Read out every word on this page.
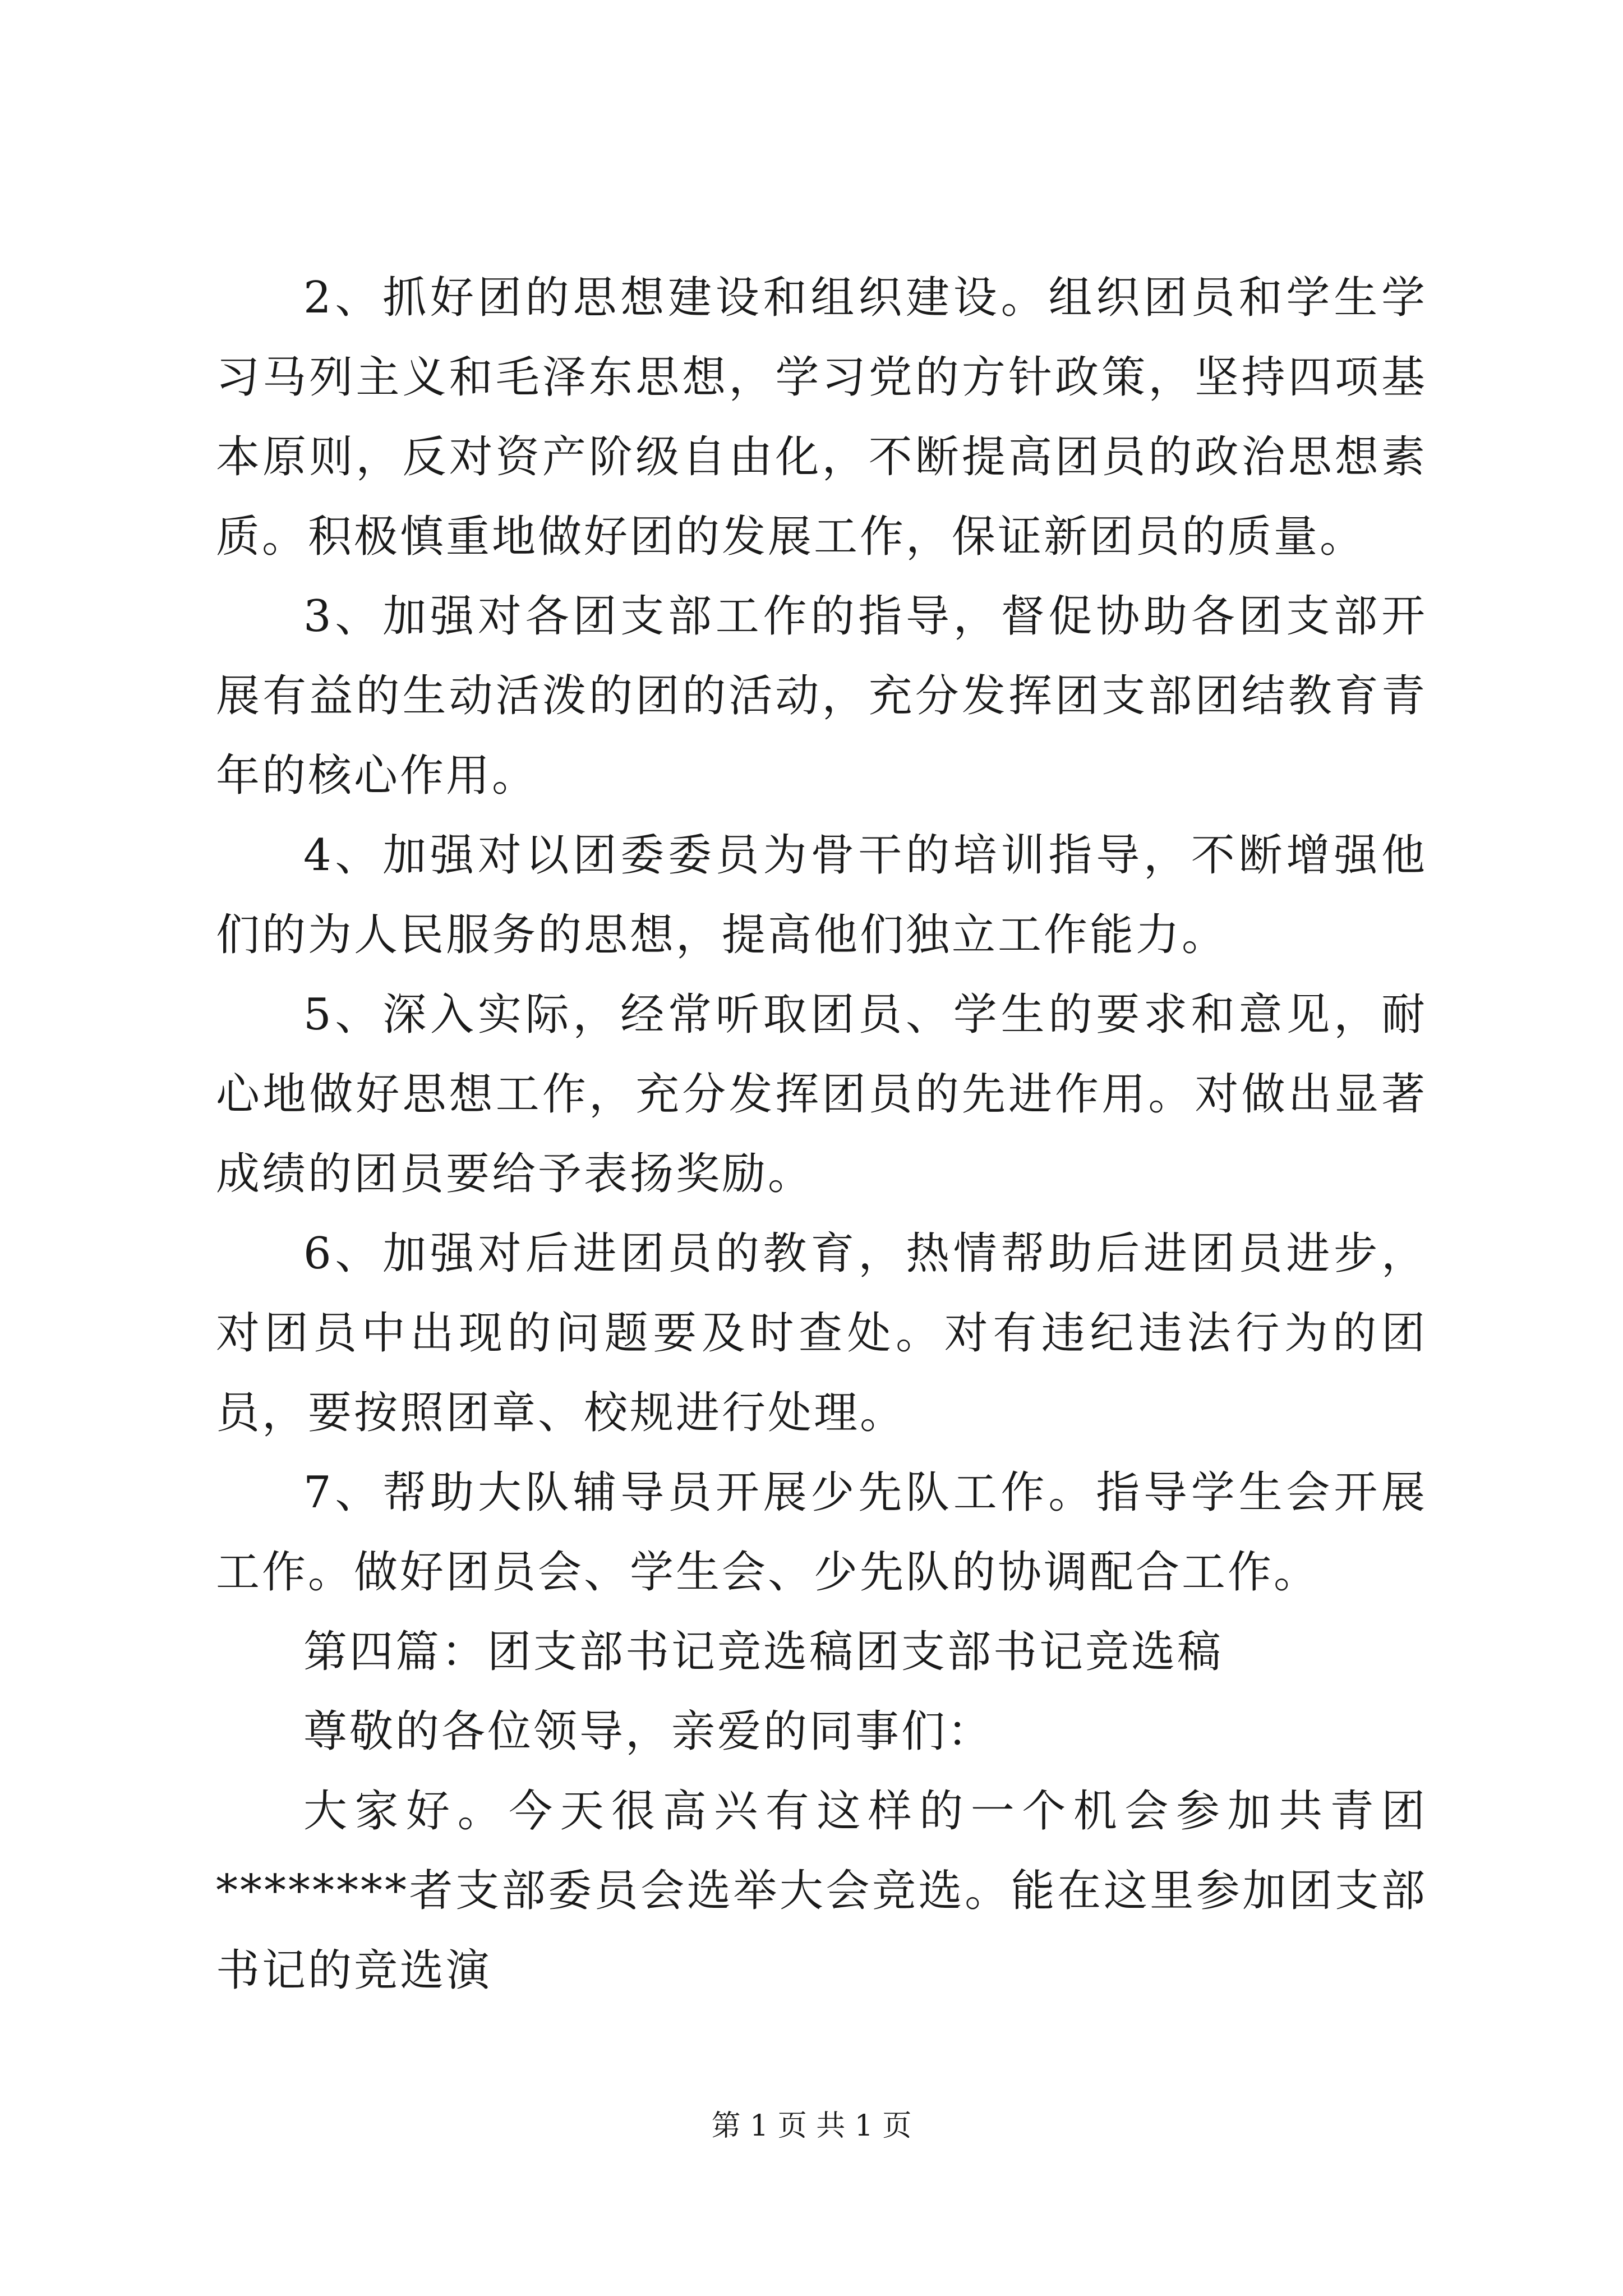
2、抓好团的思想建设和组织建设。组织团员和学生学习马列主义和毛泽东思想，学习党的方针政策，坚持四项基本原则，反对资产阶级自由化，不断提高团员的政治思想素质。积极慎重地做好团的发展工作，保证新团员的质量。

3、加强对各团支部工作的指导，督促协助各团支部开展有益的生动活泼的团的活动，充分发挥团支部团结教育青年的核心作用。

4、加强对以团委委员为骨干的培训指导，不断增强他们的为人民服务的思想，提高他们独立工作能力。

5、深入实际，经常听取团员、学生的要求和意见，耐心地做好思想工作，充分发挥团员的先进作用。对做出显著成绩的团员要给予表扬奖励。

6、加强对后进团员的教育，热情帮助后进团员进步，对团员中出现的问题要及时查处。对有违纪违法行为的团员，要按照团章、校规进行处理。

7、帮助大队辅导员开展少先队工作。指导学生会开展工作。做好团员会、学生会、少先队的协调配合工作。

第四篇：团支部书记竞选稿团支部书记竞选稿

尊敬的各位领导，亲爱的同事们：

大家好。今天很高兴有这样的一个机会参加共青团********者支部委员会选举大会竞选。能在这里参加团支部书记的竞选演

第 1 页 共 1 页
